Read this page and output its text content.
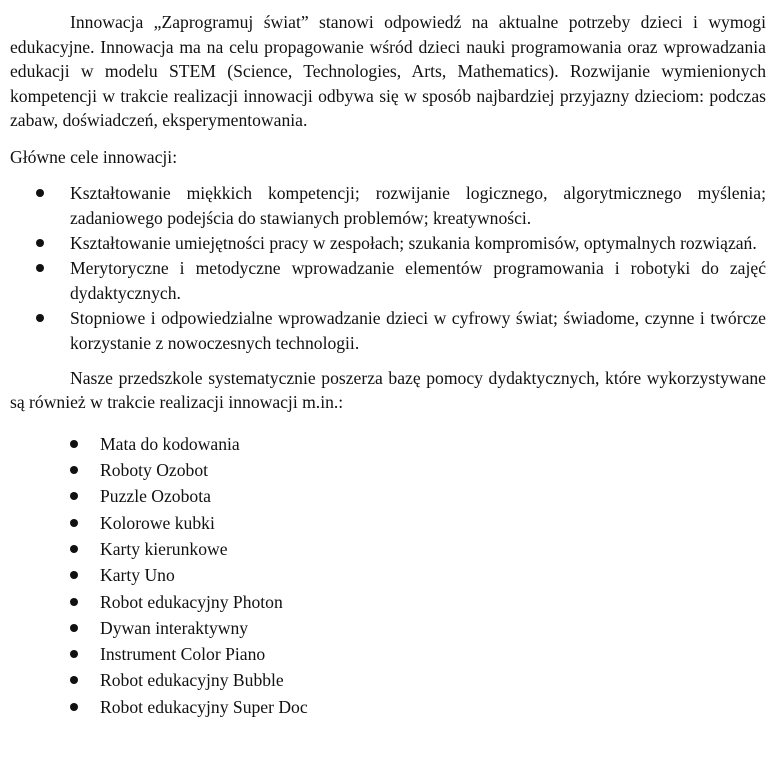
Innowacja „Zaprogramuj świat” stanowi odpowiedź na aktualne potrzeby dzieci i wymogi edukacyjne. Innowacja ma na celu propagowanie wśród dzieci nauki programowania oraz wprowadzania edukacji w modelu STEM (Science, Technologies, Arts, Mathematics). Rozwijanie wymienionych kompetencji w trakcie realizacji innowacji odbywa się w sposób najbardziej przyjazny dzieciom: podczas zabaw, doświadczeń, eksperymentowania.

Główne cele innowacji:

Kształtowanie miękkich kompetencji; rozwijanie logicznego, algorytmicznego myślenia; zadaniowego podejścia do stawianych problemów; kreatywności.
Kształtowanie umiejętności pracy w zespołach; szukania kompromisów, optymalnych rozwiązań.
Merytoryczne i metodyczne wprowadzanie elementów programowania i robotyki do zajęć dydaktycznych.
Stopniowe i odpowiedzialne wprowadzanie dzieci w cyfrowy świat; świadome, czynne i twórcze korzystanie z nowoczesnych technologii.

Nasze przedszkole systematycznie poszerza bazę pomocy dydaktycznych, które wykorzystywane są również w trakcie realizacji innowacji m.in.:

Mata do kodowania
Roboty Ozobot
Puzzle Ozobota
Kolorowe kubki
Karty kierunkowe
Karty Uno
Robot edukacyjny Photon
Dywan interaktywny
Instrument Color Piano
Robot edukacyjny Bubble
Robot edukacyjny Super Doc
